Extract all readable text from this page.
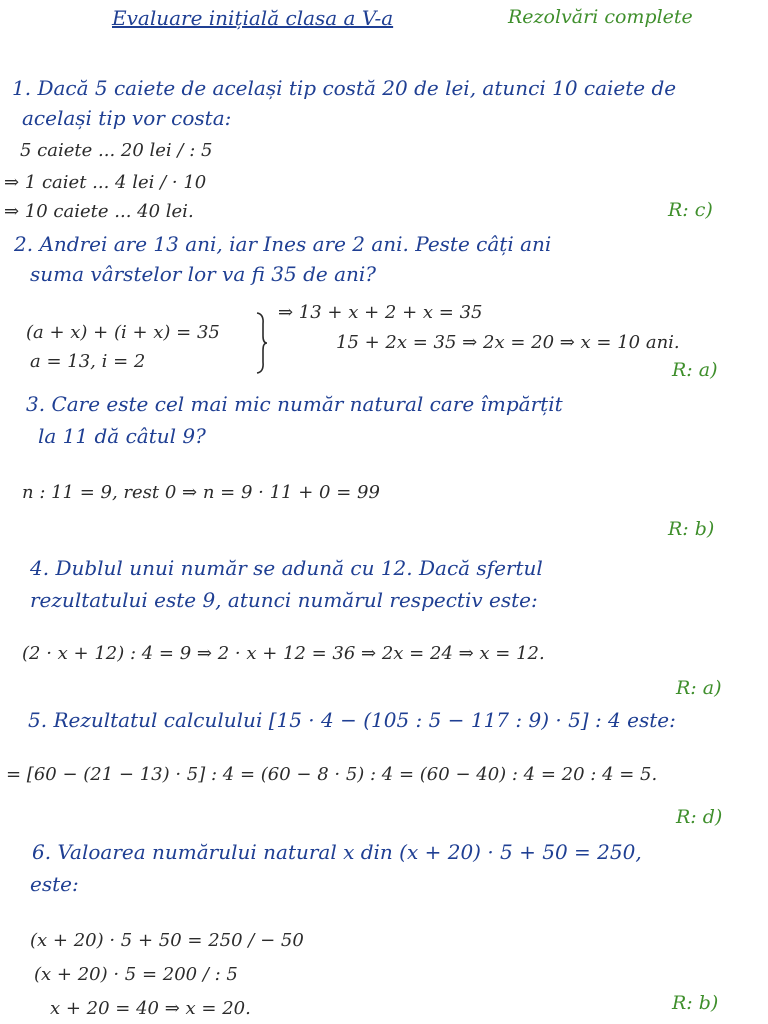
Evaluare inițială clasa a V-a	Rezolvări complete
1. Dacă 5 caiete de același tip costă 20 de lei, atunci 10 caiete de
același tip vor costa:
5 caiete ... 20 lei / : 5
⇒ 1 caiet ... 4 lei / · 10
⇒ 10 caiete ... 40 lei.	R: c)
2. Andrei are 13 ani, iar Ines are 2 ani. Peste câți ani
suma vârstelor lor va fi 35 de ani?
(a + x) + (i + x) = 35
a = 13, i = 2
⇒ 13 + x + 2 + x = 35
15 + 2x = 35 ⇒ 2x = 20 ⇒ x = 10 ani.
R: a)
3. Care este cel mai mic număr natural care împărțit
la 11 dă câtul 9?
n : 11 = 9, rest 0 ⇒ n = 9 · 11 + 0 = 99
R: b)
4. Dublul unui număr se adună cu 12. Dacă sfertul
rezultatului este 9, atunci numărul respectiv este:
(2 · x + 12) : 4 = 9 ⇒ 2 · x + 12 = 36 ⇒ 2x = 24 ⇒ x = 12.
R: a)
5. Rezultatul calculului [15 · 4 − (105 : 5 − 117 : 9) · 5] : 4 este:
= [60 − (21 − 13) · 5] : 4 = (60 − 8 · 5) : 4 = (60 − 40) : 4 = 20 : 4 = 5.
R: d)
6. Valoarea numărului natural x din (x + 20) · 5 + 50 = 250,
este:
(x + 20) · 5 + 50 = 250 / − 50
(x + 20) · 5 = 200 / : 5
x + 20 = 40 ⇒ x = 20.	R: b)
